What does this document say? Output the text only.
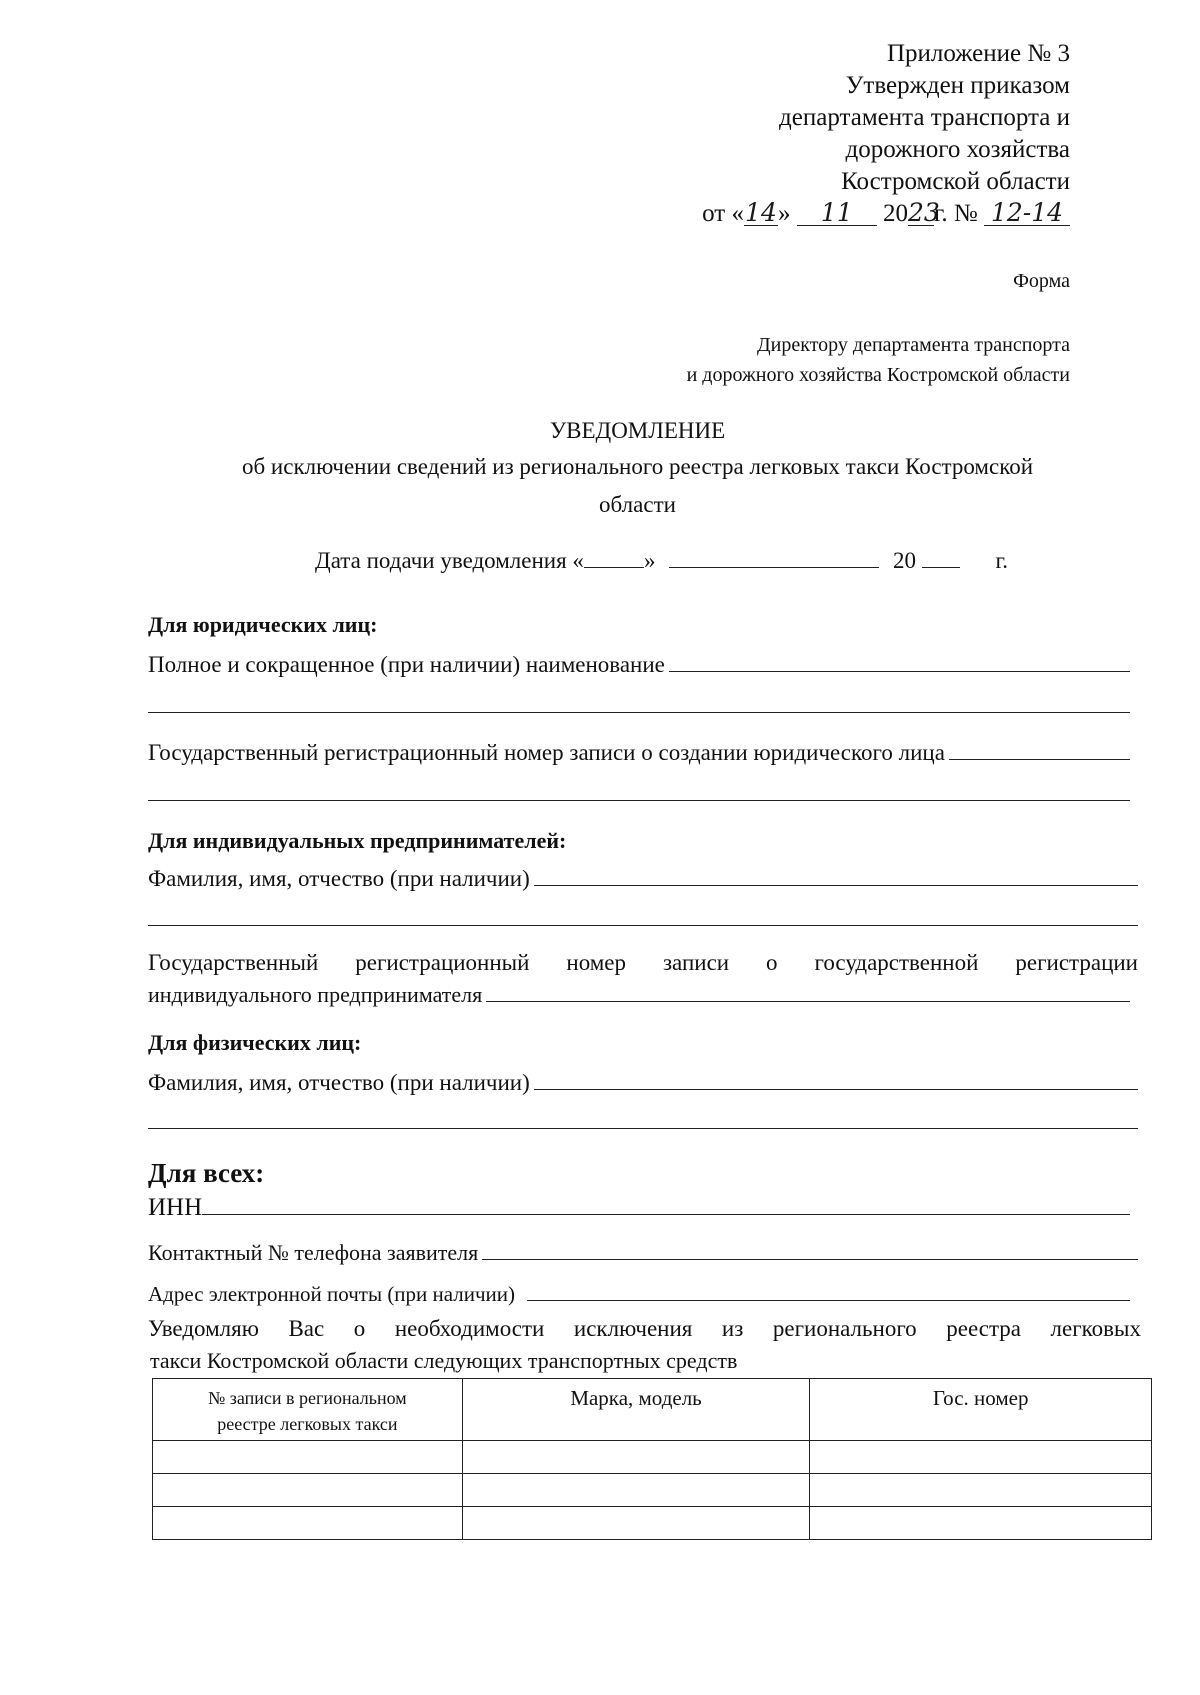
Приложение № 3
Утвержден приказом
департамента транспорта и
дорожного хозяйства
Костромской области
от «14» 11 2023г. № 12-14
Форма
Директору департамента транспорта
и дорожного хозяйства Костромской области
УВЕДОМЛЕНИЕ
об исключении сведений из регионального реестра легковых такси Костромской
области
Дата подачи уведомления «	»	20	г.
Для юридических лиц:
Полное и сокращенное (при наличии) наименование
Государственный регистрационный номер записи о создании юридического лица
Для индивидуальных предпринимателей:
Фамилия, имя, отчество (при наличии)
Государственный регистрационный номер записи о государственной регистрации
индивидуального предпринимателя
Для физических лиц:
Фамилия, имя, отчество (при наличии)
Для всех:
ИНН
Контактный № телефона заявителя
Адрес электронной почты (при наличии)
Уведомляю Вас о необходимости исключения из регионального реестра легковых
такси Костромской области следующих транспортных средств
№ записи в региональном
реестре легковых такси	Марка, модель	Гос. номер
